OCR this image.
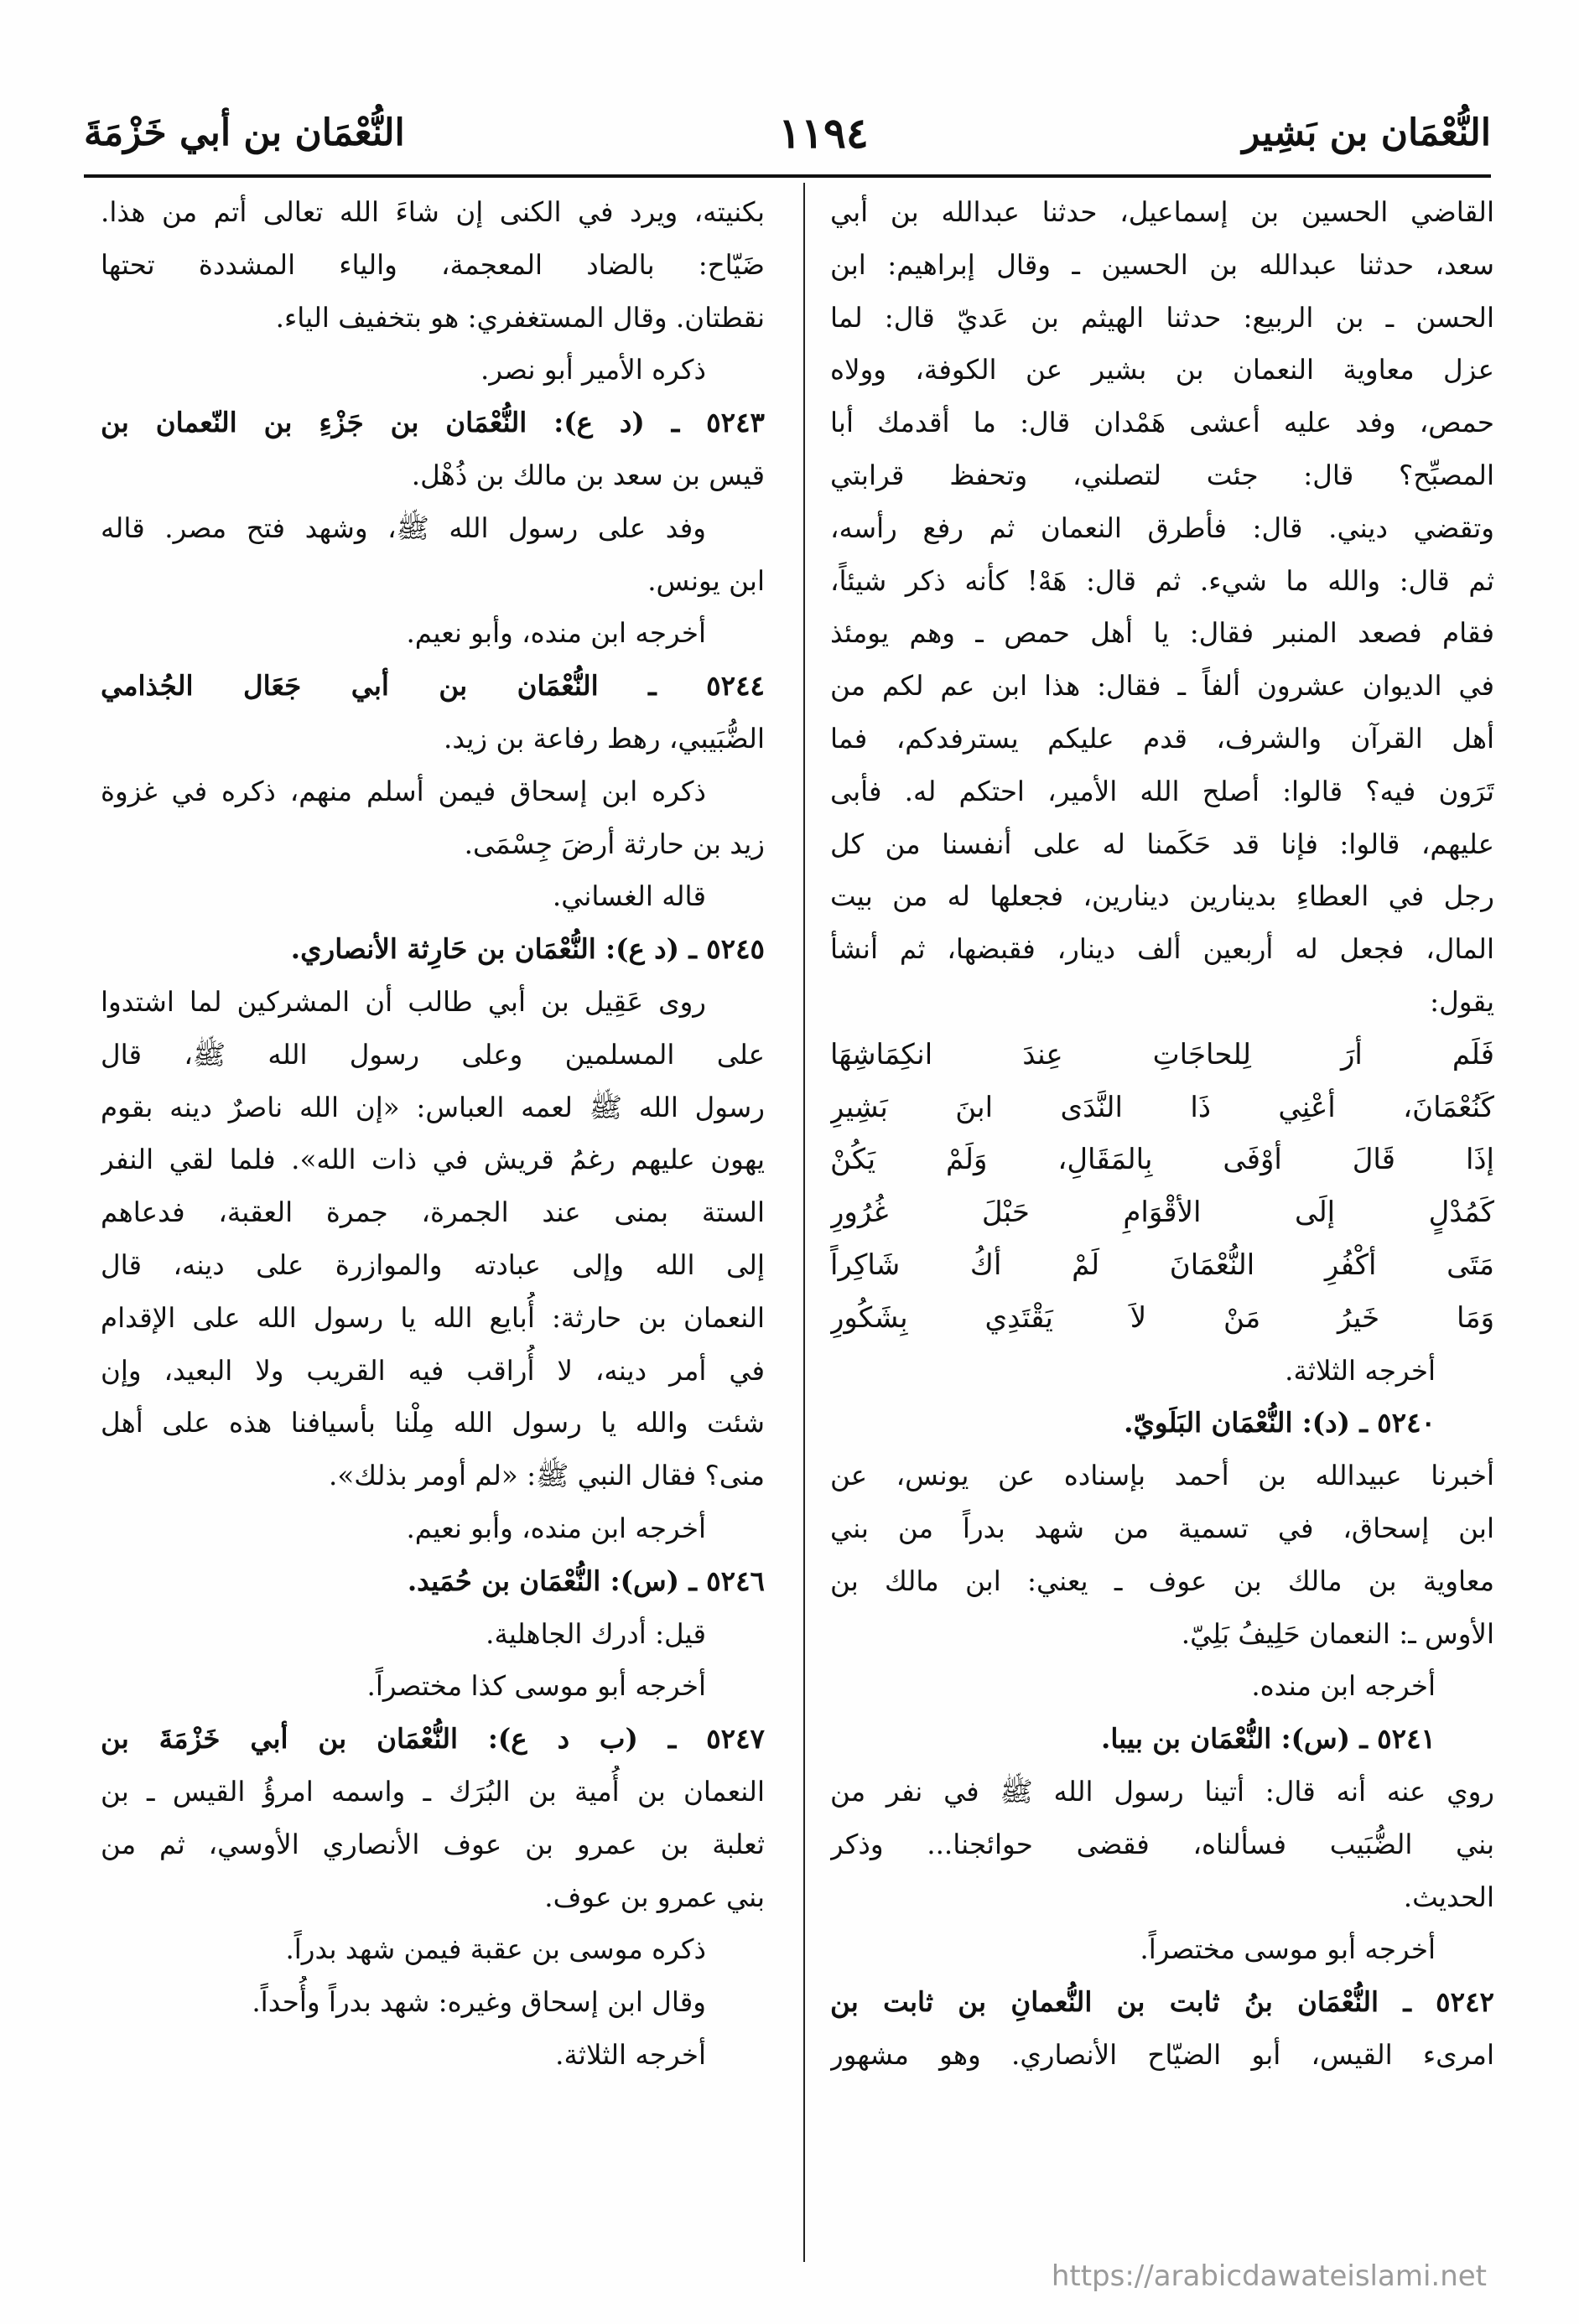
النُّعْمَان بن بَشِير
١١٩٤
النُّعْمَان بن أبي خَزْمَةَ
القاضي الحسين بن إسماعيل، حدثنا عبدالله بن أبي
سعد، حدثنا عبدالله بن الحسين ـ وقال إبراهيم: ابن
الحسن ـ بن الربيع: حدثنا الهيثم بن عَديّ قال: لما
عزل معاوية النعمان بن بشير عن الكوفة، وولاه
حمص، وفد عليه أعشى هَمْدان قال: ما أقدمك أبا
المصبِّح؟ قال: جئت لتصلني، وتحفظ قرابتي
وتقضي ديني. قال: فأطرق النعمان ثم رفع رأسه،
ثم قال: والله ما شيء. ثم قال: هَهْ! كأنه ذكر شيئاً،
فقام فصعد المنبر فقال: يا أهل حمص ـ وهم يومئذ
في الديوان عشرون ألفاً ـ فقال: هذا ابن عم لكم من
أهل القرآن والشرف، قدم عليكم يسترفدكم، فما
تَرَون فيه؟ قالوا: أصلح الله الأمير، احتكم له. فأبى
عليهم، قالوا: فإنا قد حَكَمنا له على أنفسنا من كل
رجل في العطاءِ بدينارين دينارين، فجعلها له من بيت
المال، فجعل له أربعين ألف دينار، فقبضها، ثم أنشأ
يقول:
فَلَم أرَ لِلحاجَاتِ عِندَ انكِمَاشِهَا
كَنُعْمَانَ، أعْنِي ذَا النَّدَى ابنَ بَشِيرِ
إذَا قَالَ أوْفَى بِالمَقَالِ، وَلَمْ يَكُنْ
كَمُدْلٍ إلَى الأقْوَامِ حَبْلَ غُرُورِ
مَتَى أكْفُرِ النُّعْمَانَ لَمْ أكُ شَاكِراً
وَمَا خَيرُ مَنْ لاَ يَقْتَدِي بِشَكُورِ
أخرجه الثلاثة.
٥٢٤٠ ـ (د): النُّعْمَان البَلَويّ.
أخبرنا عبيدالله بن أحمد بإسناده عن يونس، عن
ابن إسحاق، في تسمية من شهد بدراً من بني
معاوية بن مالك بن عوف ـ يعني: ابن مالك بن
الأوس ـ: النعمان حَلِيفُ بَلِيّ.
أخرجه ابن منده.
٥٢٤١ ـ (س): النُّعْمَان بن بيبا.
روي عنه أنه قال: أتينا رسول الله ﷺ في نفر من
بني الضُّبَيب فسألناه، فقضى حوائجنا... وذكر
الحديث.
أخرجه أبو موسى مختصراً.
٥٢٤٢ ـ النُّعْمَان بنُ ثابت بن النُّعمانِ بن ثابت بن
امرىء القيس، أبو الضيّاح الأنصاري. وهو مشهور
بكنيته، ويرد في الكنى إن شاءَ الله تعالى أتم من هذا.
ضَيّاح: بالضاد المعجمة، والياء المشددة تحتها
نقطتان. وقال المستغفري: هو بتخفيف الياء.
ذكره الأمير أبو نصر.
٥٢٤٣ ـ (د ع): النُّعْمَان بن جَزْءِ بن النّعمان بن
قيس بن سعد بن مالك بن ذُهْل.
وفد على رسول الله ﷺ، وشهد فتح مصر. قاله
ابن يونس.
أخرجه ابن منده، وأبو نعيم.
٥٢٤٤ ـ النُّعْمَان بن أبي جَعَال الجُذامي
الضُّبَيبي، رهط رفاعة بن زيد.
ذكره ابن إسحاق فيمن أسلم منهم، ذكره في غزوة
زيد بن حارثة أرضَ جِسْمَى.
قاله الغساني.
٥٢٤٥ ـ (د ع): النُّعْمَان بن حَارِثة الأنصاري.
روى عَقِيل بن أبي طالب أن المشركين لما اشتدوا
على المسلمين وعلى رسول الله ﷺ، قال
رسول الله ﷺ لعمه العباس: «إن الله ناصرٌ دينه بقوم
يهون عليهم رغمُ قريش في ذات الله». فلما لقي النفر
الستة بمنى عند الجمرة، جمرة العقبة، فدعاهم
إلى الله وإلى عبادته والموازرة على دينه، قال
النعمان بن حارثة: أُبايع الله يا رسول الله على الإقدام
في أمر دينه، لا أُراقب فيه القريب ولا البعيد، وإن
شئت والله يا رسول الله مِلْنا بأسيافنا هذه على أهل
منى؟ فقال النبي ﷺ: «لم أومر بذلك».
أخرجه ابن منده، وأبو نعيم.
٥٢٤٦ ـ (س): النُّعْمَان بن حُمَيد.
قيل: أدرك الجاهلية.
أخرجه أبو موسى كذا مختصراً.
٥٢٤٧ ـ (ب د ع): النُّعْمَان بن أبي خَزْمَةَ بن
النعمان بن أُمية بن البُرَك ـ واسمه امرؤُ القيس ـ بن
ثعلبة بن عمرو بن عوف الأنصاري الأوسي، ثم من
بني عمرو بن عوف.
ذكره موسى بن عقبة فيمن شهد بدراً.
وقال ابن إسحاق وغيره: شهد بدراً وأُحداً.
أخرجه الثلاثة.
https://arabicdawateislami.net
